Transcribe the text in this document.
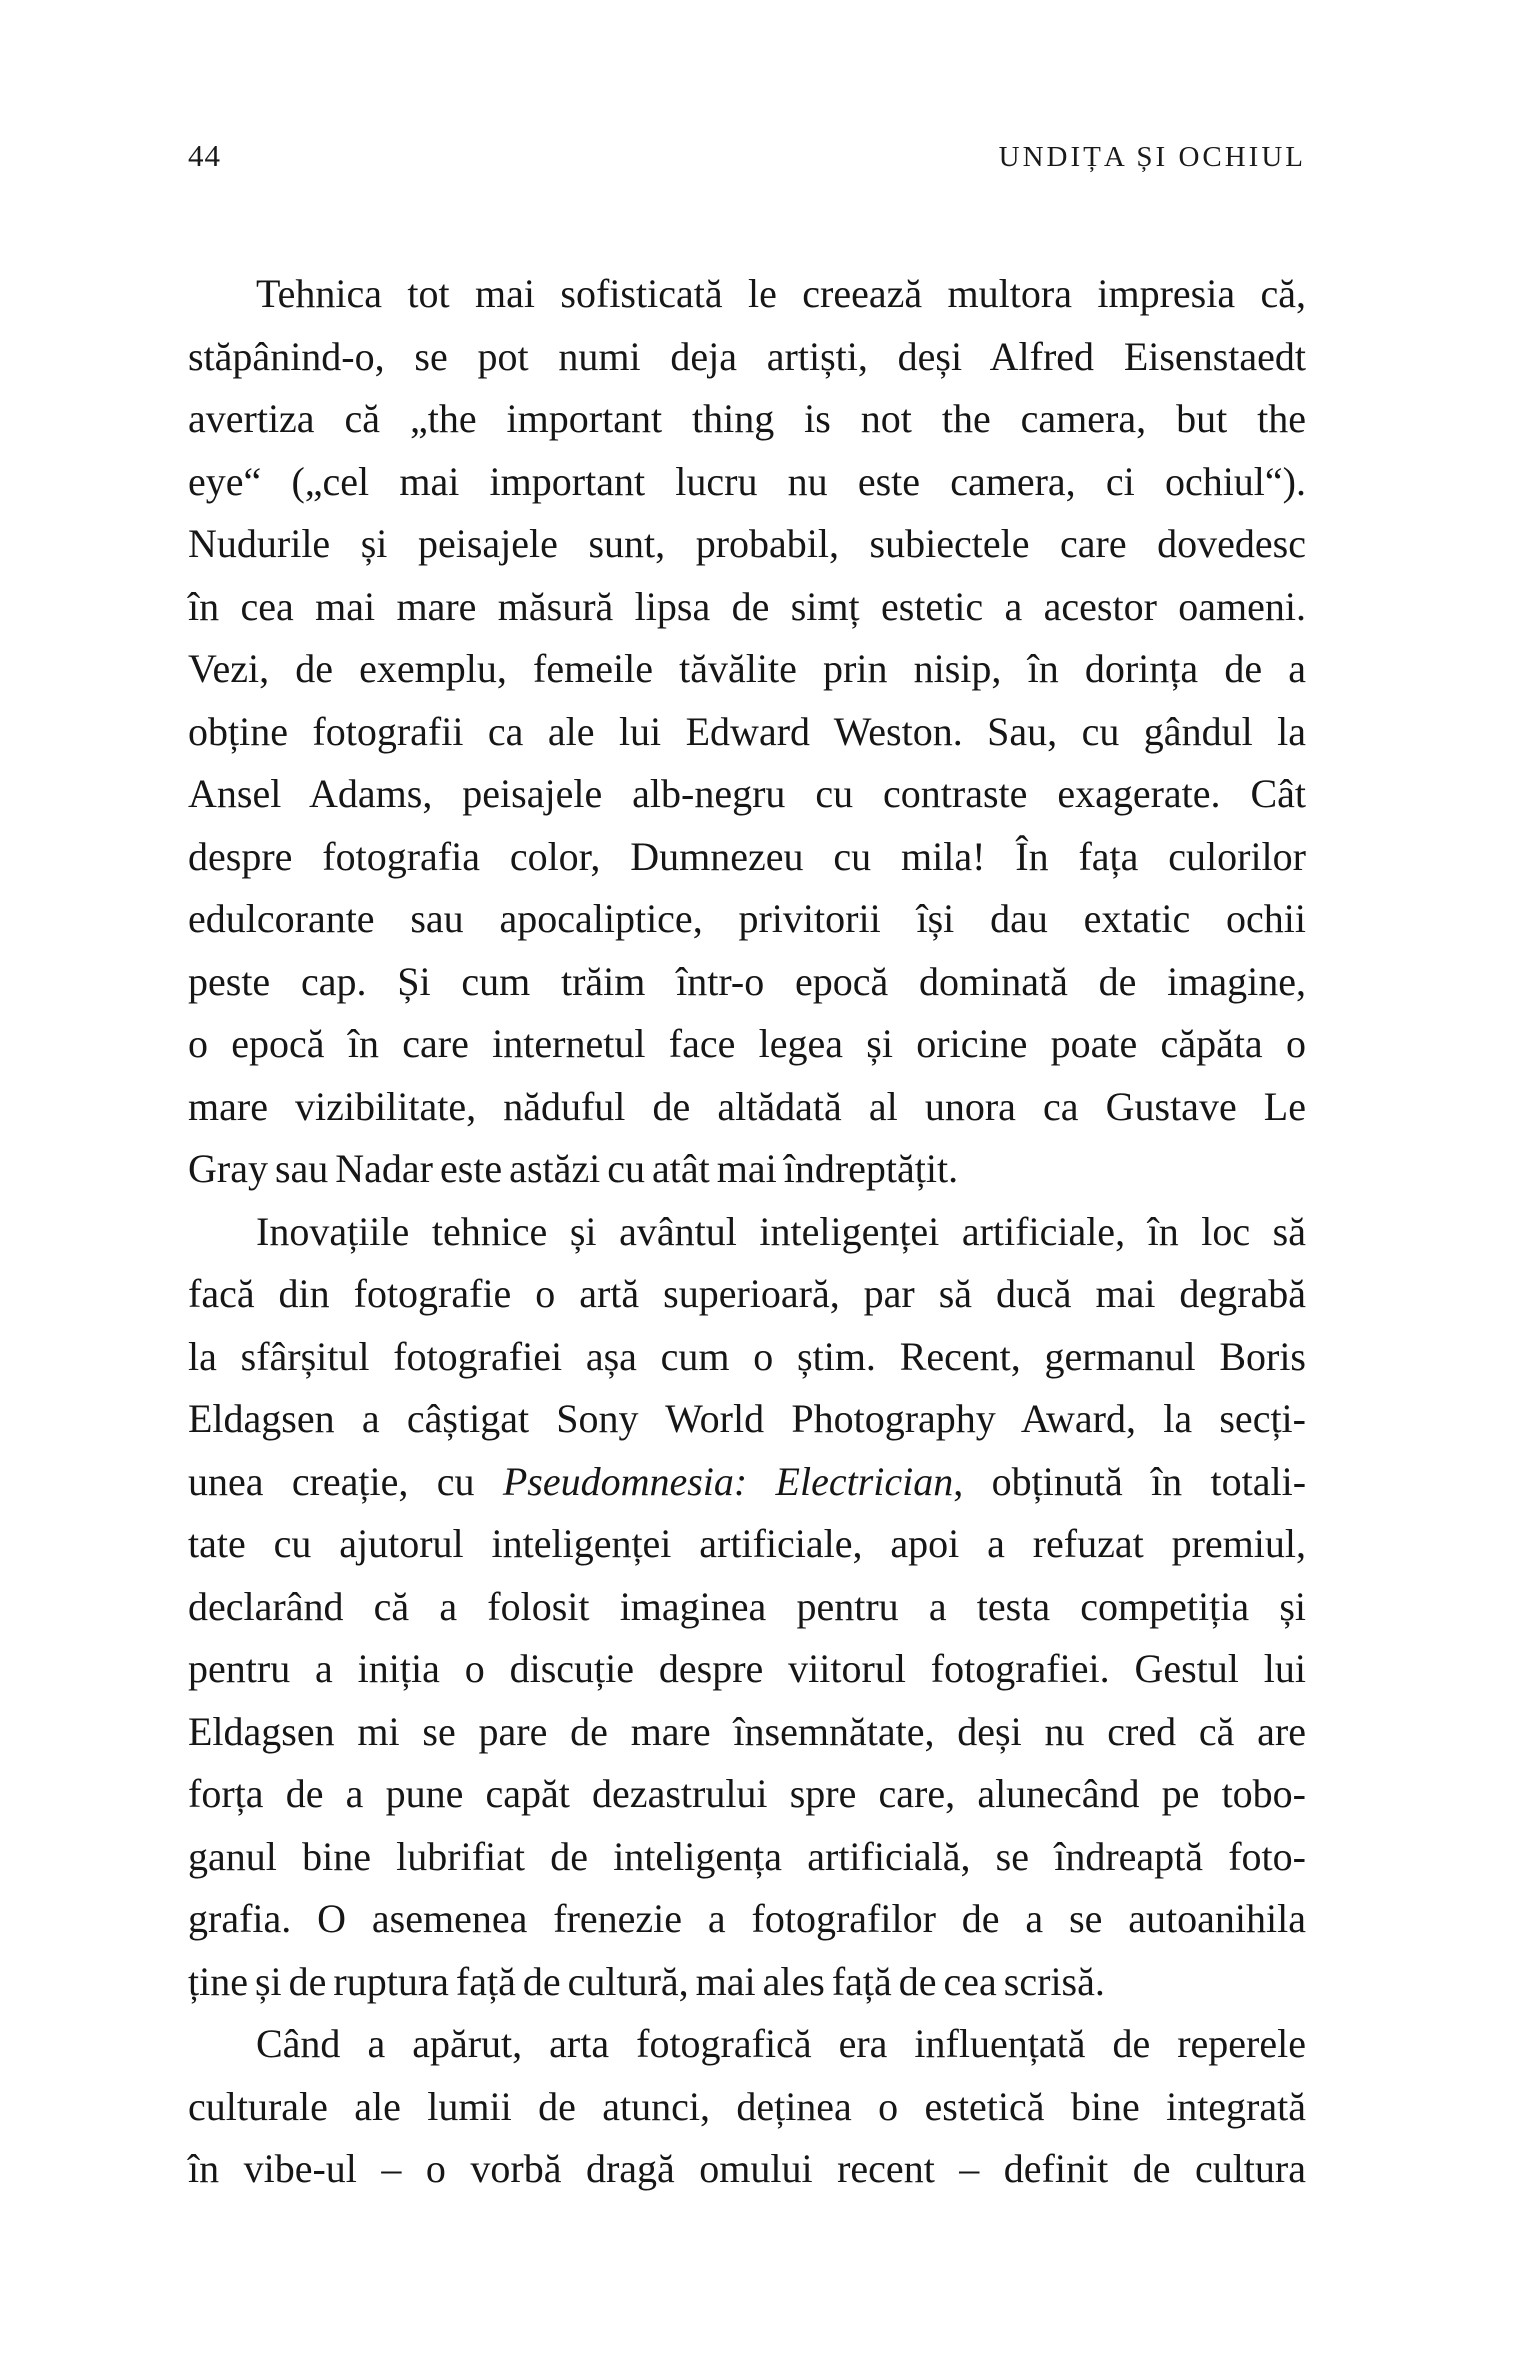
44	UNDIȚA ȘI OCHIUL
Tehnica tot mai sofisticată le creează multora impresia că,
stăpânind-o, se pot numi deja artiști, deși Alfred Eisenstaedt
avertiza că „the important thing is not the camera, but the
eye“ („cel mai important lucru nu este camera, ci ochiul“).
Nudurile și peisajele sunt, probabil, subiectele care dovedesc
în cea mai mare măsură lipsa de simț estetic a acestor oameni.
Vezi, de exemplu, femeile tăvălite prin nisip, în dorința de a
obține fotografii ca ale lui Edward Weston. Sau, cu gândul la
Ansel Adams, peisajele alb-negru cu contraste exagerate. Cât
despre fotografia color, Dumnezeu cu mila! În fața culorilor
edulcorante sau apocaliptice, privitorii își dau extatic ochii
peste cap. Și cum trăim într-o epocă dominată de imagine,
o epocă în care internetul face legea și oricine poate căpăta o
mare vizibilitate, năduful de altădată al unora ca Gustave Le
Gray sau Nadar este astăzi cu atât mai îndreptățit.
Inovațiile tehnice și avântul inteligenței artificiale, în loc să
facă din fotografie o artă superioară, par să ducă mai degrabă
la sfârșitul fotografiei așa cum o știm. Recent, germanul Boris
Eldagsen a câștigat Sony World Photography Award, la secți-
unea creație, cu Pseudomnesia: Electrician, obținută în totali-
tate cu ajutorul inteligenței artificiale, apoi a refuzat premiul,
declarând că a folosit imaginea pentru a testa competiția și
pentru a iniția o discuție despre viitorul fotografiei. Gestul lui
Eldagsen mi se pare de mare însemnătate, deși nu cred că are
forța de a pune capăt dezastrului spre care, alunecând pe tobo-
ganul bine lubrifiat de inteligența artificială, se îndreaptă foto-
grafia. O asemenea frenezie a fotografilor de a se autoanihila
ține și de ruptura față de cultură, mai ales față de cea scrisă.
Când a apărut, arta fotografică era influențată de reperele
culturale ale lumii de atunci, deținea o estetică bine integrată
în vibe-ul – o vorbă dragă omului recent – definit de cultura
